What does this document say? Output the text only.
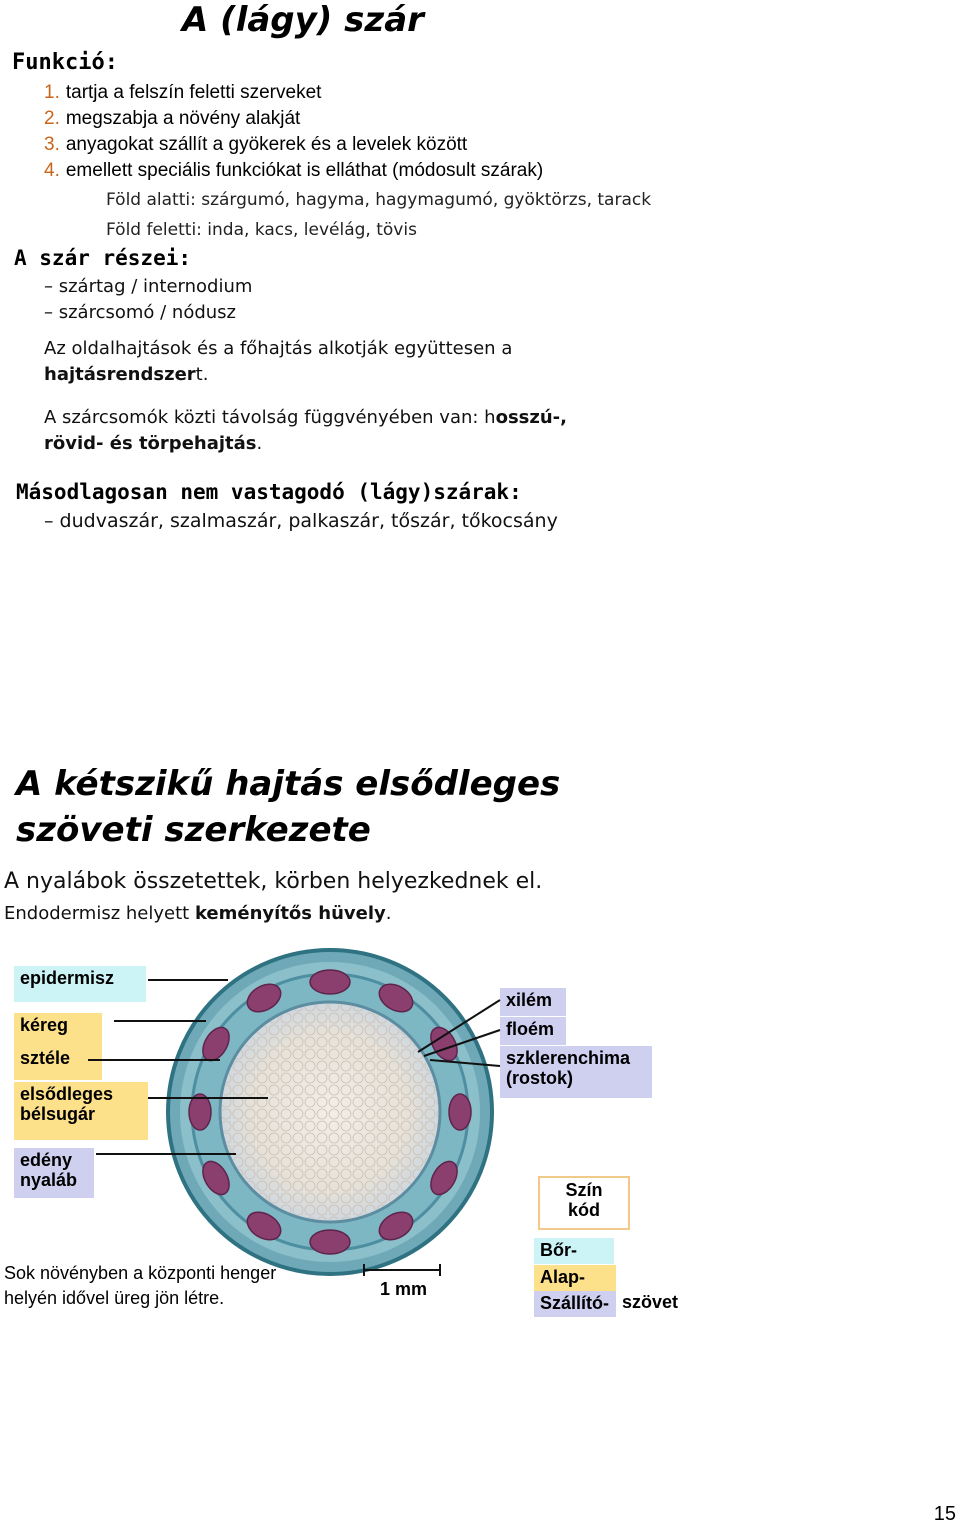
A (lágy) szár
Funkció:
1. tartja a felszín feletti szerveket
2. megszabja a növény alakját
3. anyagokat szállít a gyökerek és a levelek között
4. emellett speciális funkciókat is elláthat (módosult szárak)
Föld alatti: szárgumó, hagyma, hagymagumó, gyöktörzs, tarack
Föld feletti: inda, kacs, levélág, tövis
A szár részei:
– szártag / internodium
– szárcsomó / nódusz
Az oldalhajtások és a főhajtás alkotják együttesen a
hajtásrendszert.
A szárcsomók közti távolság függvényében van: hosszú-,
rövid- és törpehajtás.
Másodlagosan nem vastagodó (lágy)szárak:
– dudvaszár, szalmaszár, palkaszár, tőszár, tőkocsány
A kétszikű hajtás elsődleges
szöveti szerkezete
A nyalábok összetettek, körben helyezkednek el.
Endodermisz helyett keményítős hüvely.
epidermisz
kéreg
sztéle
elsődleges
bélsugár
edény
nyaláb
xilém
floém
szklerenchima
(rostok)
Szín
kód
Bőr-
Alap-
Szállító- szövet
Sok növényben a központi henger
helyén idővel üreg jön létre.	1 mm
15
